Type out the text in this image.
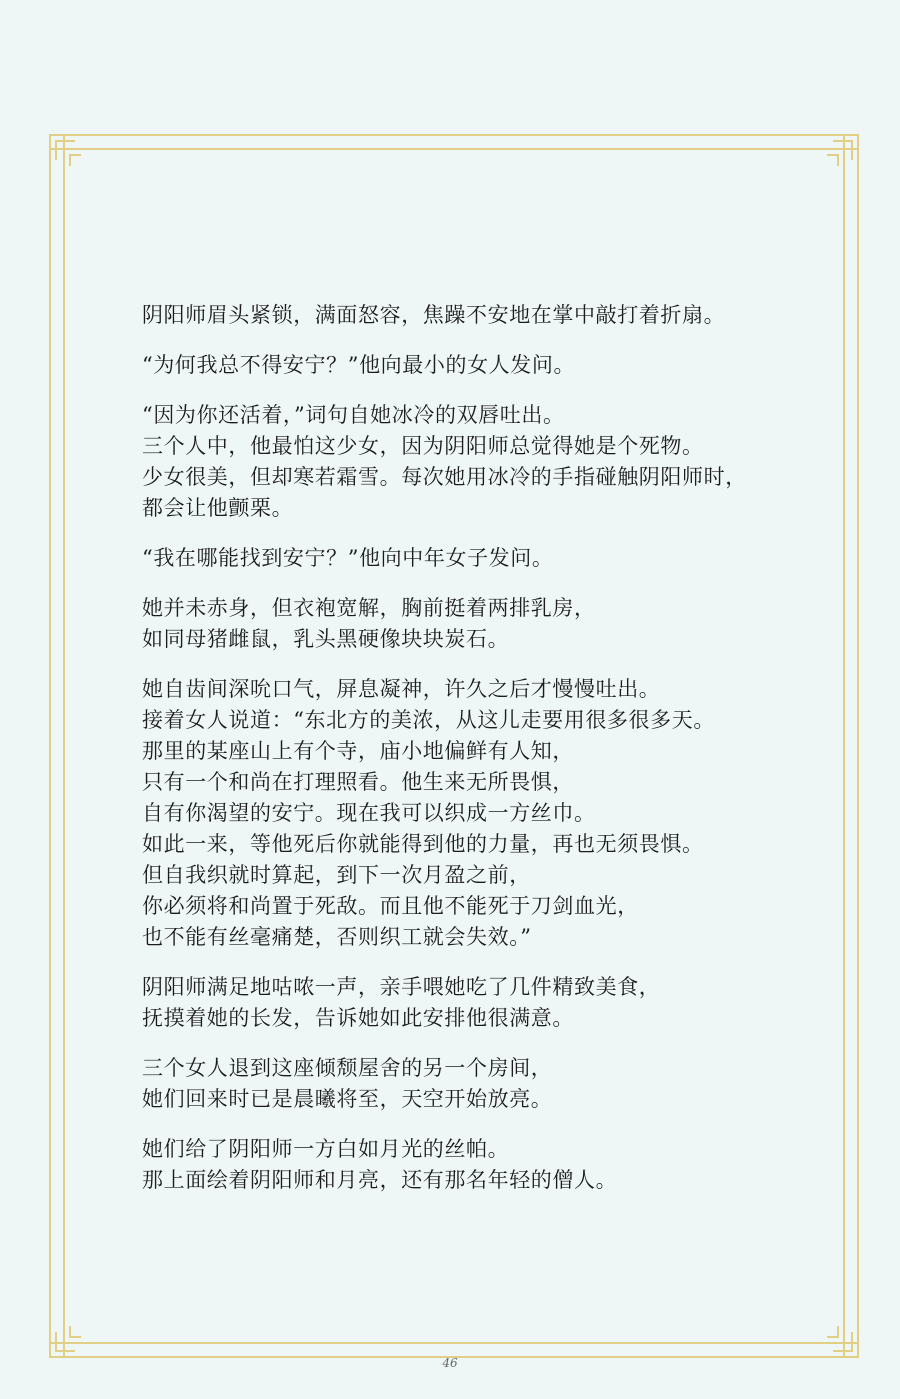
阴阳师眉头紧锁，满面怒容，焦躁不安地在掌中敲打着折扇。
“为何我总不得安宁？”他向最小的女人发问。
“因为你还活着，”词句自她冰冷的双唇吐出。
三个人中，他最怕这少女，因为阴阳师总觉得她是个死物。
少女很美，但却寒若霜雪。每次她用冰冷的手指碰触阴阳师时，
都会让他颤栗。
“我在哪能找到安宁？”他向中年女子发问。
她并未赤身，但衣袍宽解，胸前挺着两排乳房，
如同母猪雌鼠，乳头黑硬像块块炭石。
她自齿间深吮口气，屏息凝神，许久之后才慢慢吐出。
接着女人说道：“东北方的美浓，从这儿走要用很多很多天。
那里的某座山上有个寺，庙小地偏鲜有人知，
只有一个和尚在打理照看。他生来无所畏惧，
自有你渴望的安宁。现在我可以织成一方丝巾。
如此一来，等他死后你就能得到他的力量，再也无须畏惧。
但自我织就时算起，到下一次月盈之前，
你必须将和尚置于死敌。而且他不能死于刀剑血光，
也不能有丝毫痛楚，否则织工就会失效。”
阴阳师满足地咕哝一声，亲手喂她吃了几件精致美食，
抚摸着她的长发，告诉她如此安排他很满意。
三个女人退到这座倾颓屋舍的另一个房间，
她们回来时已是晨曦将至，天空开始放亮。
她们给了阴阳师一方白如月光的丝帕。
那上面绘着阴阳师和月亮，还有那名年轻的僧人。
46
